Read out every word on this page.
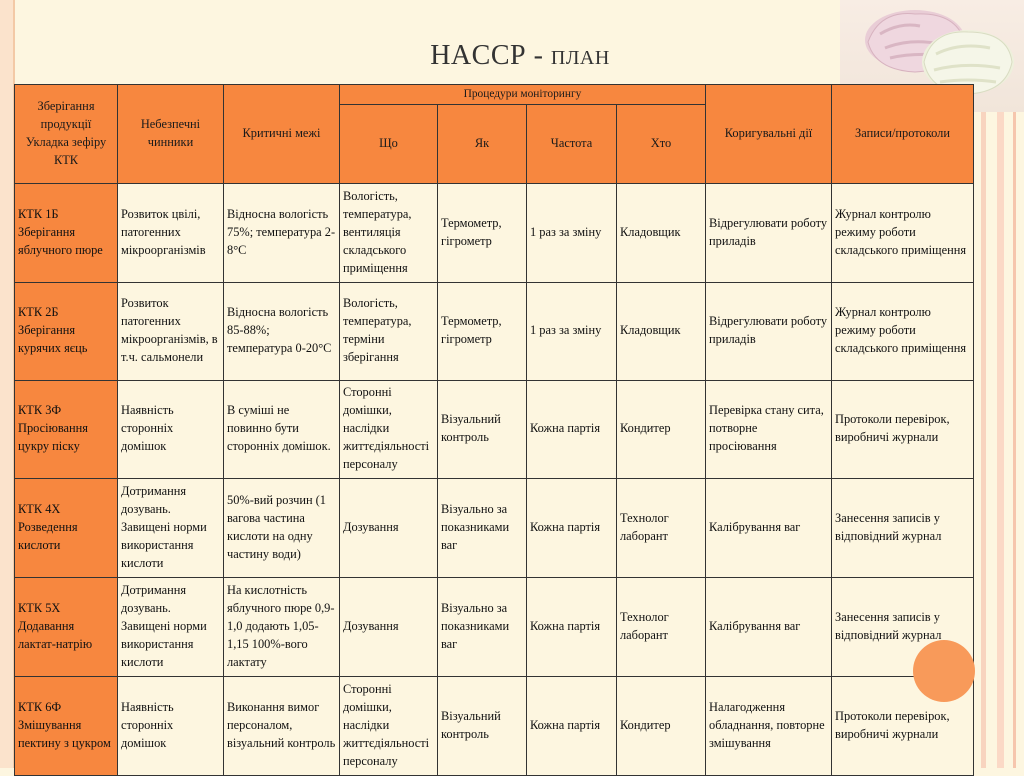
HACCP - план
Зберігання продукції Укладка зефіру КТК	Небезпечні чинники	Критичні межі	Процедури моніторингу				Коригувальні дії	Записи/протоколи
			Що	Як	Частота	Хто		
КТК 1Б Зберігання яблучного пюре	Розвиток цвілі, патогенних мікроорганізмів	Відносна вологість 75%; температура 2-8°С	Вологість, температура, вентиляція складського приміщення	Термометр, гігрометр	1 раз за зміну	Кладовщик	Відрегулювати роботу приладів	Журнал контролю режиму роботи складського приміщення
КТК 2Б Зберігання курячих яєць	Розвиток патогенних мікроорганізмів, в т.ч. сальмонели	Відносна вологість 85-88%; температура 0-20°С	Вологість, температура, терміни зберігання	Термометр, гігрометр	1 раз за зміну	Кладовщик	Відрегулювати роботу приладів	Журнал контролю режиму роботи складського приміщення
КТК 3Ф Просіювання цукру піску	Наявність сторонніх домішок	В суміші не повинно бути сторонніх домішок.	Сторонні домішки, наслідки життєдіяльності персоналу	Візуальний контроль	Кожна партія	Кондитер	Перевірка стану сита, потворне просіювання	Протоколи перевірок, виробничі журнали
КТК 4Х Розведення кислоти	Дотримання дозувань. Завищені норми використання кислоти	50%-вий розчин (1 вагова частина кислоти на одну частину води)	Дозування	Візуально за показниками ваг	Кожна партія	Технолог лаборант	Калібрування ваг	Занесення записів у відповідний журнал
КТК 5Х Додавання лактат-натрію	Дотримання дозувань. Завищені норми використання кислоти	На кислотність яблучного пюре 0,9-1,0 додають 1,05-1,15 100%-вого лактату	Дозування	Візуально за показниками ваг	Кожна партія	Технолог лаборант	Калібрування ваг	Занесення записів у відповідний журнал
КТК 6Ф Змішування пектину з цукром	Наявність сторонніх домішок	Виконання вимог персоналом, візуальний контроль	Сторонні домішки, наслідки життєдіяльності персоналу	Візуальний контроль	Кожна партія	Кондитер	Налагодження обладнання, повторне змішування	Протоколи перевірок, виробничі журнали
